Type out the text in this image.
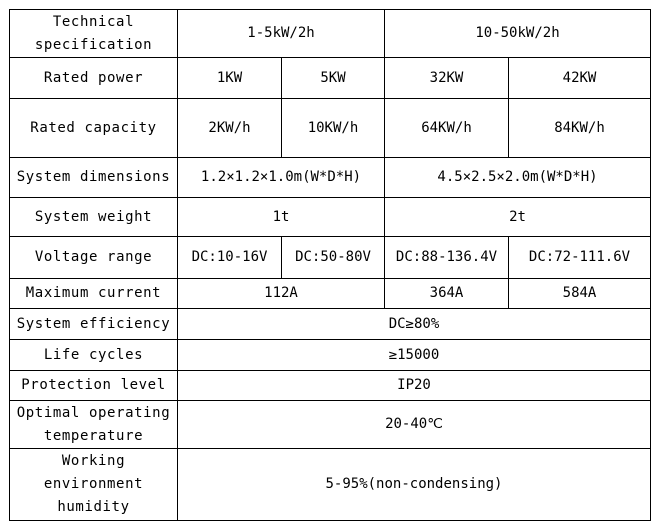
Technical specification	1-5kW/2h		10-50kW/2h	
Rated power	1KW	5KW	32KW	42KW
Rated capacity	2KW/h	10KW/h	64KW/h	84KW/h
System dimensions	1.2×1.2×1.0m(W*D*H)		4.5×2.5×2.0m(W*D*H)	
System weight	1t		2t	
Voltage range	DC:10-16V	DC:50-80V	DC:88-136.4V	DC:72-111.6V
Maximum current	112A		364A	584A
System efficiency	DC≥80%			
Life cycles	≥15000			
Protection level	IP20			
Optimal operating temperature	20-40℃			
Working environment humidity	5-95%(non-condensing)			
